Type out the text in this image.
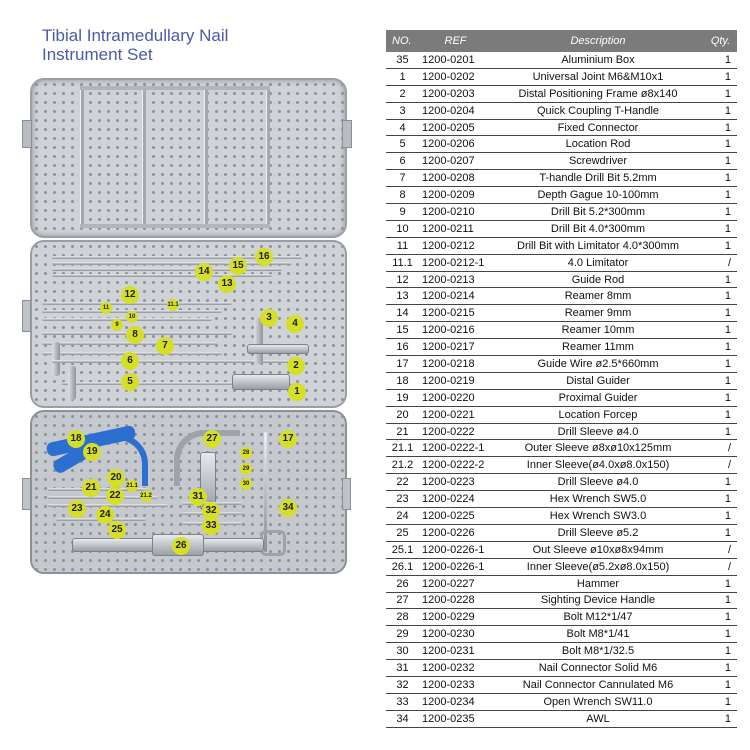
Tibial Intramedullary Nail
Instrument Set
16
15
14
13
12
11	11.1
10
9
8
7
6
5
3
4
2
1
18
19
27	17
28
29
30
20
21.1
21
21.2
22
23
24
25
31
32
33
34
26
NO.	REF	Description	Qty.
35	1200-0201	Aluminium Box	1
1	1200-0202	Universal Joint M6&M10x1	1
2	1200-0203	Distal Positioning Frame ø8x140	1
3	1200-0204	Quick Coupling T-Handle	1
4	1200-0205	Fixed Connector	1
5	1200-0206	Location Rod	1
6	1200-0207	Screwdriver	1
7	1200-0208	T-handle Drill Bit 5.2mm	1
8	1200-0209	Depth Gague 10-100mm	1
9	1200-0210	Drill Bit 5.2*300mm	1
10	1200-0211	Drill Bit 4.0*300mm	1
11	1200-0212	Drill Bit with Limitator 4.0*300mm	1
11.1	1200-0212-1	4.0 Limitator	/
12	1200-0213	Guide Rod	1
13	1200-0214	Reamer 8mm	1
14	1200-0215	Reamer 9mm	1
15	1200-0216	Reamer 10mm	1
16	1200-0217	Reamer 11mm	1
17	1200-0218	Guide Wire ø2.5*660mm	1
18	1200-0219	Distal Guider	1
19	1200-0220	Proximal Guider	1
20	1200-0221	Location Forcep	1
21	1200-0222	Drill Sleeve ø4.0	1
21.1	1200-0222-1	Outer Sleeve ø8xø10x125mm	/
21.2	1200-0222-2	Inner Sleeve(ø4.0xø8.0x150)	/
22	1200-0223	Drill Sleeve ø4.0	1
23	1200-0224	Hex Wrench SW5.0	1
24	1200-0225	Hex Wrench SW3.0	1
25	1200-0226	Drill Sleeve ø5.2	1
25.1	1200-0226-1	Out Sleeve ø10xø8x94mm	/
26.1	1200-0226-1	Inner Sleeve(ø5.2xø8.0x150)	/
26	1200-0227	Hammer	1
27	1200-0228	Sighting Device Handle	1
28	1200-0229	Bolt M12*1/47	1
29	1200-0230	Bolt M8*1/41	1
30	1200-0231	Bolt M8*1/32.5	1
31	1200-0232	Nail Connector Solid M6	1
32	1200-0233	Nail Connector Cannulated M6	1
33	1200-0234	Open Wrench SW11.0	1
34	1200-0235	AWL	1
